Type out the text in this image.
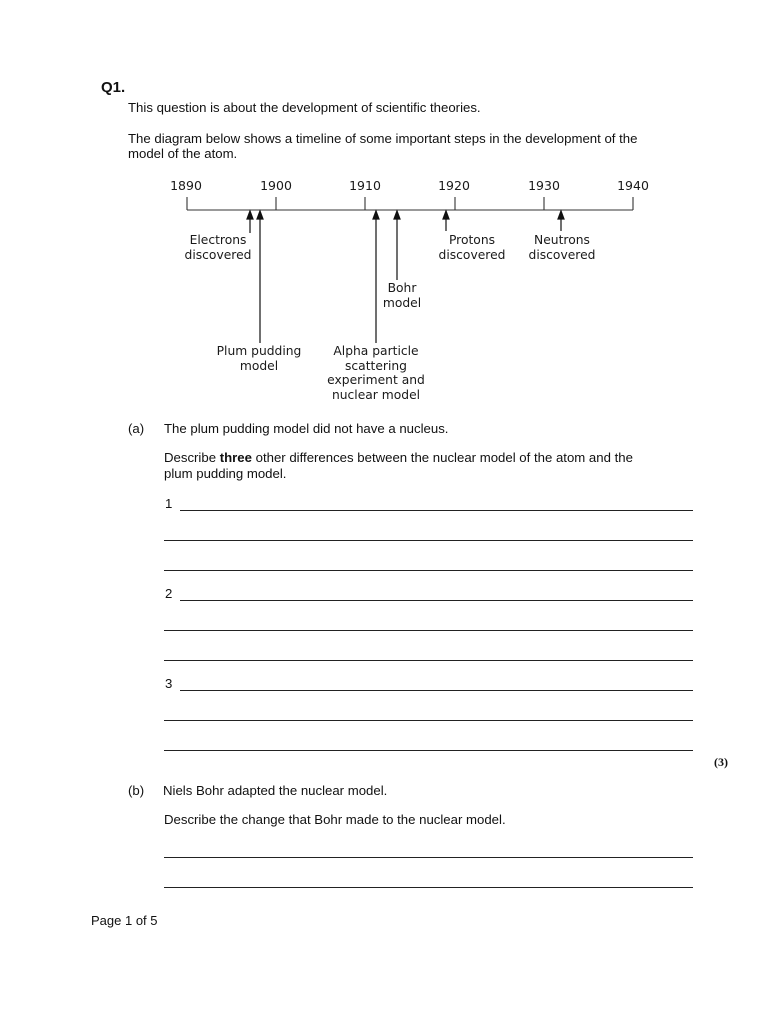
Q1.
This question is about the development of scientific theories.
The diagram below shows a timeline of some important steps in the development of the
model of the atom.
1890	1900	1910	1920	1930	1940
Electrons
discovered
Plum pudding
model
Alpha particle
scattering
experiment and
nuclear model
Bohr
model
Protons
discovered
Neutrons
discovered
(a) The plum pudding model did not have a nucleus.
Describe three other differences between the nuclear model of the atom and the
plum pudding model.
1
2
3
(3)
(b) Niels Bohr adapted the nuclear model.
Describe the change that Bohr made to the nuclear model.
Page 1 of 5
